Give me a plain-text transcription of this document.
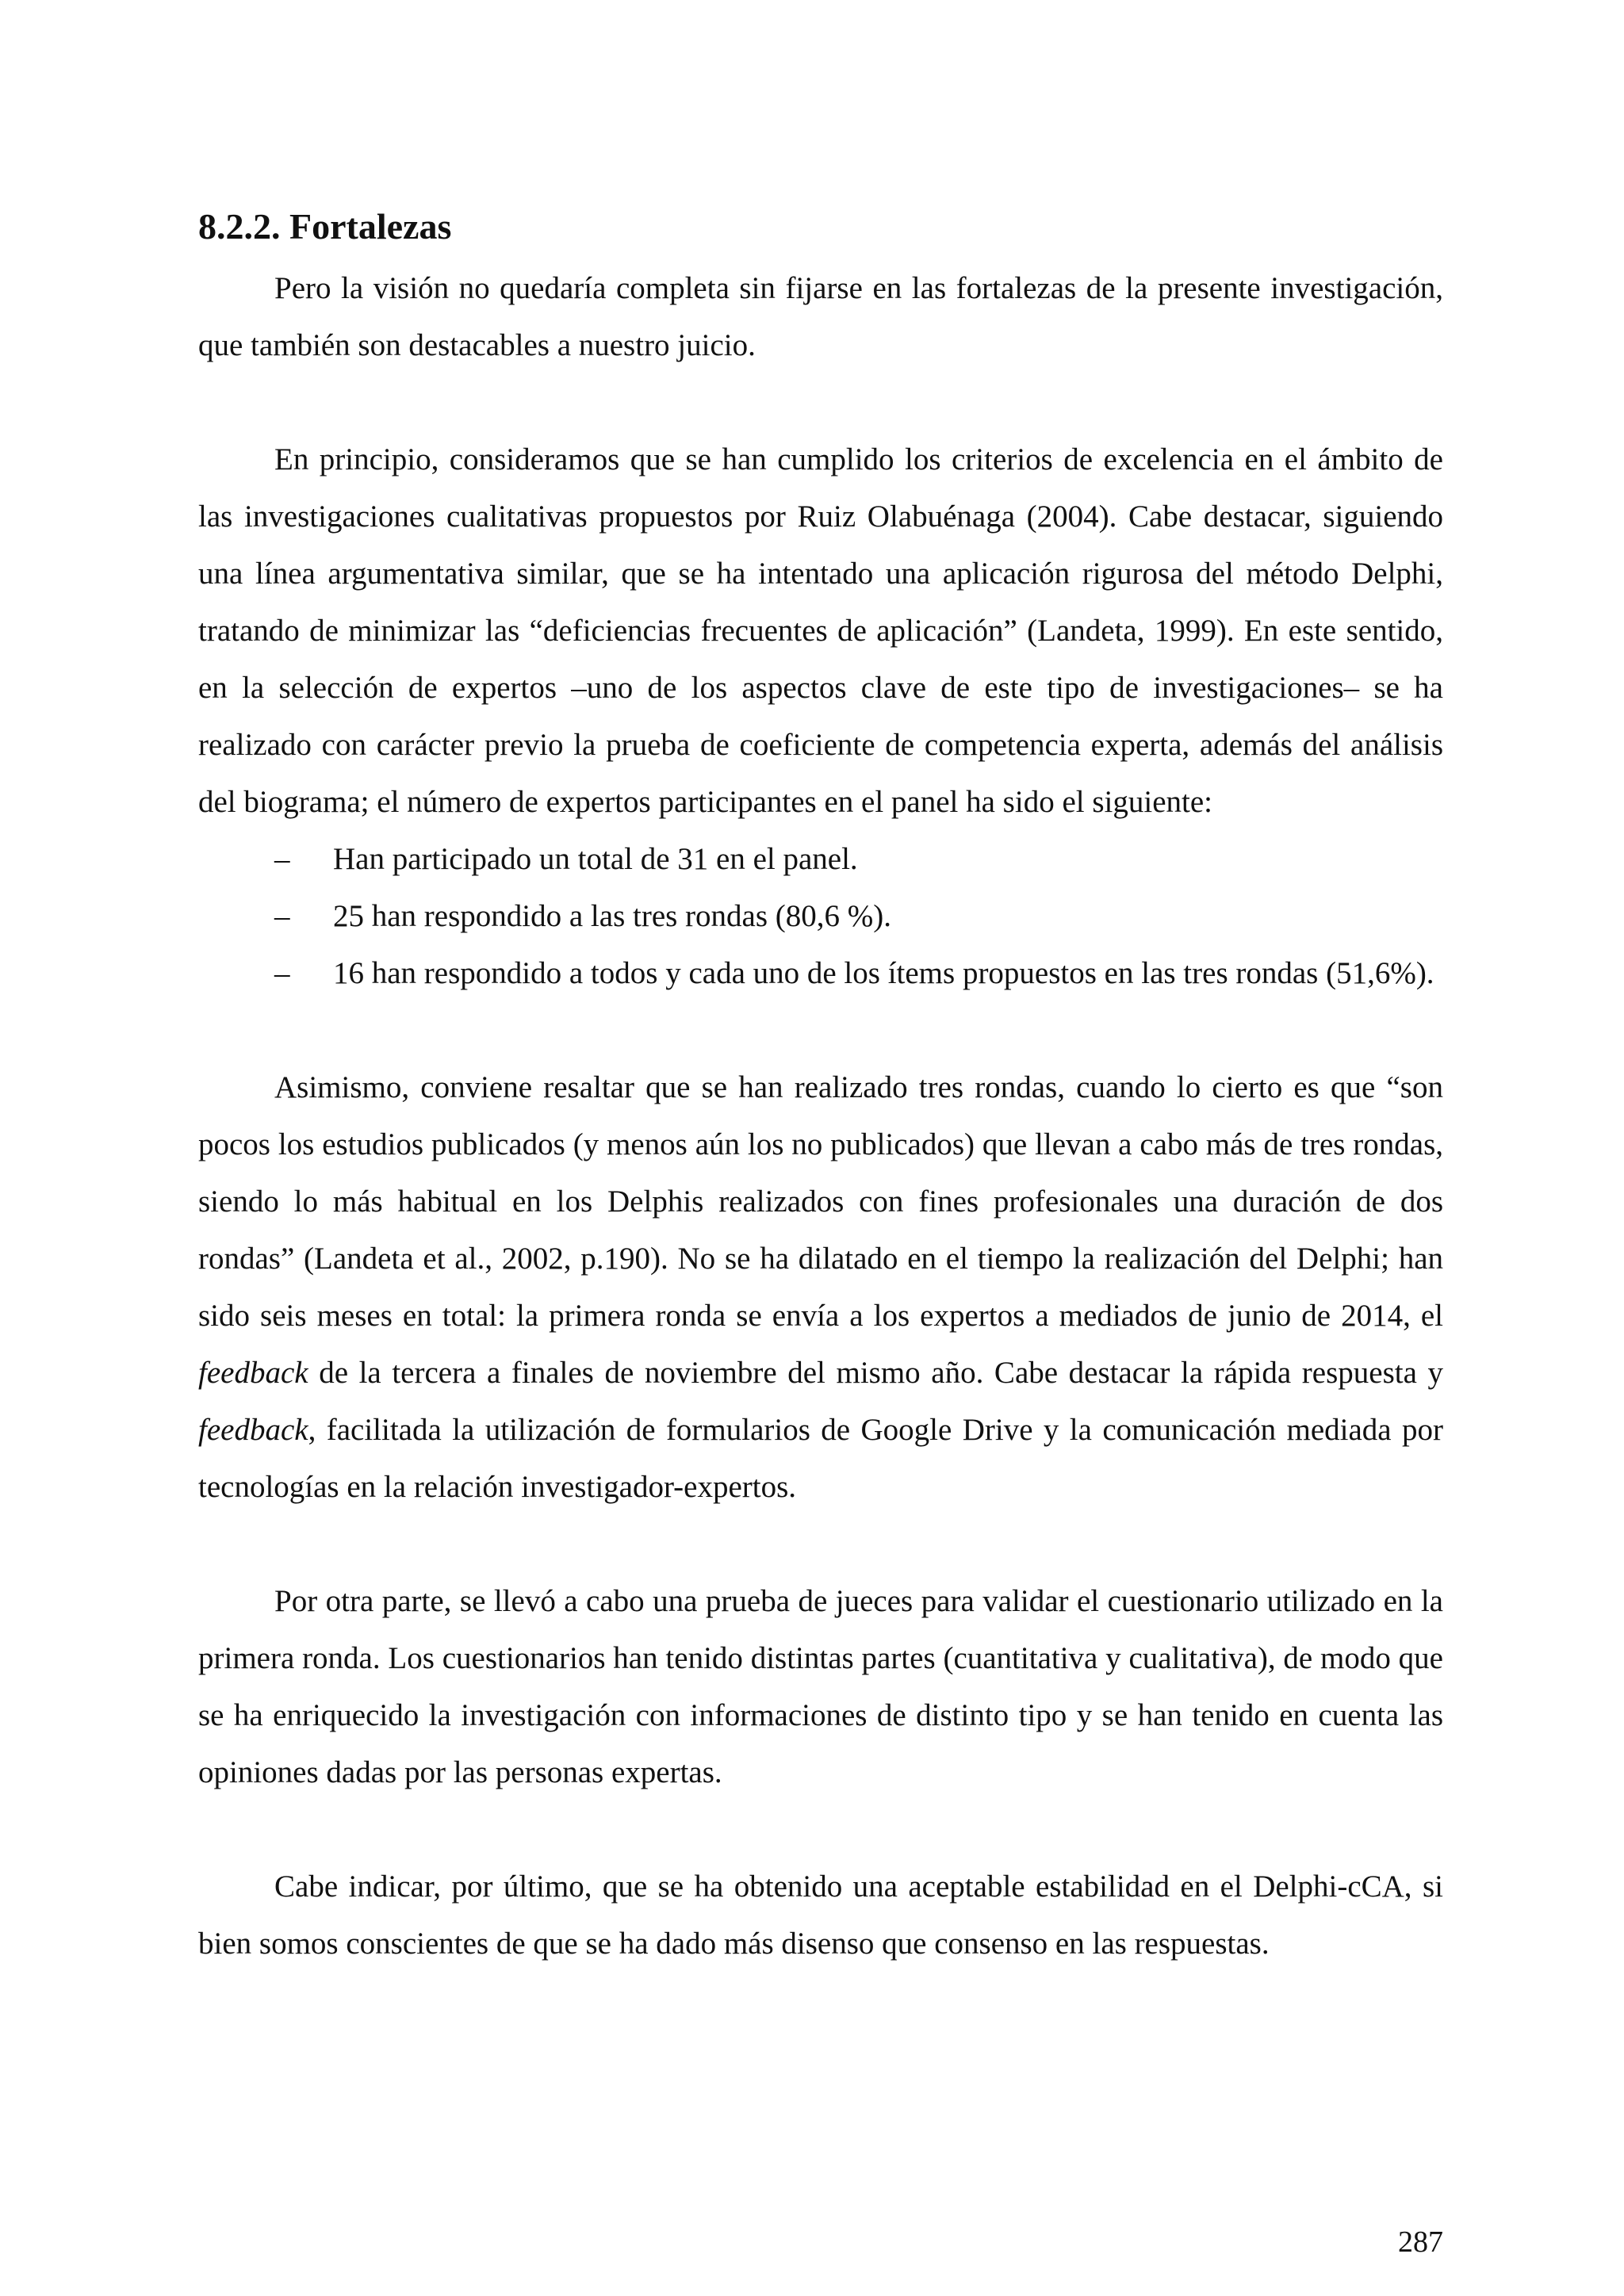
8.2.2. Fortalezas

Pero la visión no quedaría completa sin fijarse en las fortalezas de la presente investigación, que también son destacables a nuestro juicio.

En principio, consideramos que se han cumplido los criterios de excelencia en el ámbito de las investigaciones cualitativas propuestos por Ruiz Olabuénaga (2004). Cabe destacar, siguiendo una línea argumentativa similar, que se ha intentado una aplicación rigurosa del método Delphi, tratando de minimizar las “deficiencias frecuentes de aplicación” (Landeta, 1999). En este sentido, en la selección de expertos –uno de los aspectos clave de este tipo de investigaciones– se ha realizado con carácter previo la prueba de coeficiente de competencia experta, además del análisis del biograma; el número de expertos participantes en el panel ha sido el siguiente:

– Han participado un total de 31 en el panel.
– 25 han respondido a las tres rondas (80,6 %).
– 16 han respondido a todos y cada uno de los ítems propuestos en las tres rondas (51,6%).

Asimismo, conviene resaltar que se han realizado tres rondas, cuando lo cierto es que “son pocos los estudios publicados (y menos aún los no publicados) que llevan a cabo más de tres rondas, siendo lo más habitual en los Delphis realizados con fines profesionales una duración de dos rondas” (Landeta et al., 2002, p.190). No se ha dilatado en el tiempo la realización del Delphi; han sido seis meses en total: la primera ronda se envía a los expertos a mediados de junio de 2014, el feedback de la tercera a finales de noviembre del mismo año. Cabe destacar la rápida respuesta y feedback, facilitada la utilización de formularios de Google Drive y la comunicación mediada por tecnologías en la relación investigador-expertos.

Por otra parte, se llevó a cabo una prueba de jueces para validar el cuestionario utilizado en la primera ronda. Los cuestionarios han tenido distintas partes (cuantitativa y cualitativa), de modo que se ha enriquecido la investigación con informaciones de distinto tipo y se han tenido en cuenta las opiniones dadas por las personas expertas.

Cabe indicar, por último, que se ha obtenido una aceptable estabilidad en el Delphi-cCA, si bien somos conscientes de que se ha dado más disenso que consenso en las respuestas.

287
